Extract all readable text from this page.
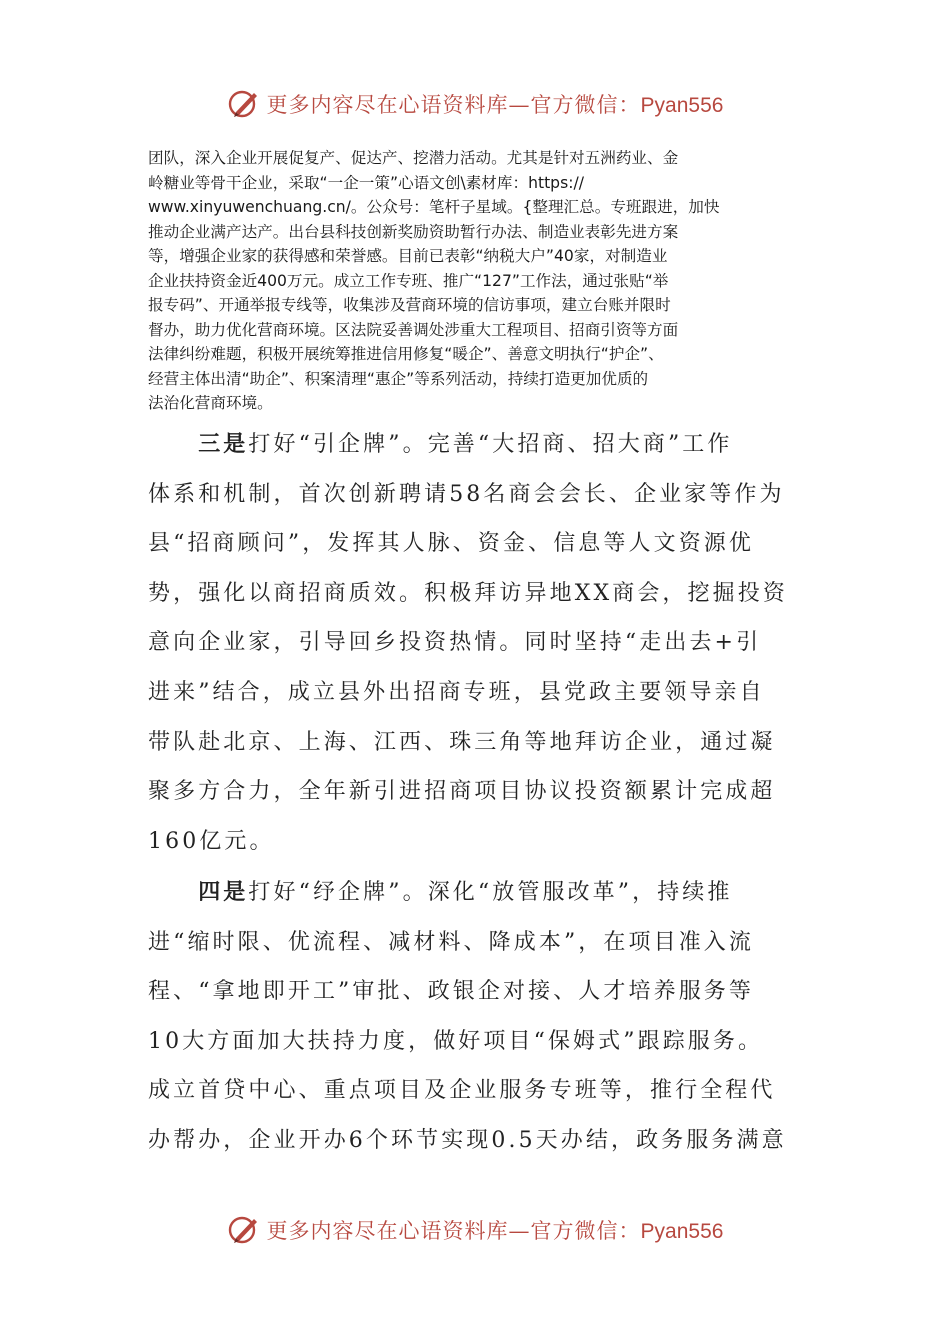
更多内容尽在心语资料库—官方微信：Pyan556

团队，深入企业开展促复产、促达产、挖潜力活动。尤其是针对五洲药业、金

岭糖业等骨干企业，采取“一企一策”心语文创\素材库：https://

www.xinyuwenchuang.cn/。公众号：笔杆子星域。{整理汇总。专班跟进，加快

推动企业满产达产。出台县科技创新奖励资助暂行办法、制造业表彰先进方案

等，增强企业家的获得感和荣誉感。目前已表彰“纳税大户”40家，对制造业

企业扶持资金近400万元。成立工作专班、推广“127”工作法，通过张贴“举

报专码”、开通举报专线等，收集涉及营商环境的信访事项，建立台账并限时

督办，助力优化营商环境。区法院妥善调处涉重大工程项目、招商引资等方面

法律纠纷难题，积极开展统筹推进信用修复“暖企”、善意文明执行“护企”、

经营主体出清“助企”、积案清理“惠企”等系列活动，持续打造更加优质的

法治化营商环境。

　　三是打好“引企牌”。完善“大招商、招大商”工作

体系和机制，首次创新聘请58名商会会长、企业家等作为

县“招商顾问”，发挥其人脉、资金、信息等人文资源优

势，强化以商招商质效。积极拜访异地XX商会，挖掘投资

意向企业家，引导回乡投资热情。同时坚持“走出去+引

进来”结合，成立县外出招商专班，县党政主要领导亲自

带队赴北京、上海、江西、珠三角等地拜访企业，通过凝

聚多方合力，全年新引进招商项目协议投资额累计完成超

160亿元。

　　四是打好“纾企牌”。深化“放管服改革”，持续推

进“缩时限、优流程、减材料、降成本”，在项目准入流

程、“拿地即开工”审批、政银企对接、人才培养服务等

10大方面加大扶持力度，做好项目“保姆式”跟踪服务。

成立首贷中心、重点项目及企业服务专班等，推行全程代

办帮办，企业开办6个环节实现0.5天办结，政务服务满意

更多内容尽在心语资料库—官方微信：Pyan556
